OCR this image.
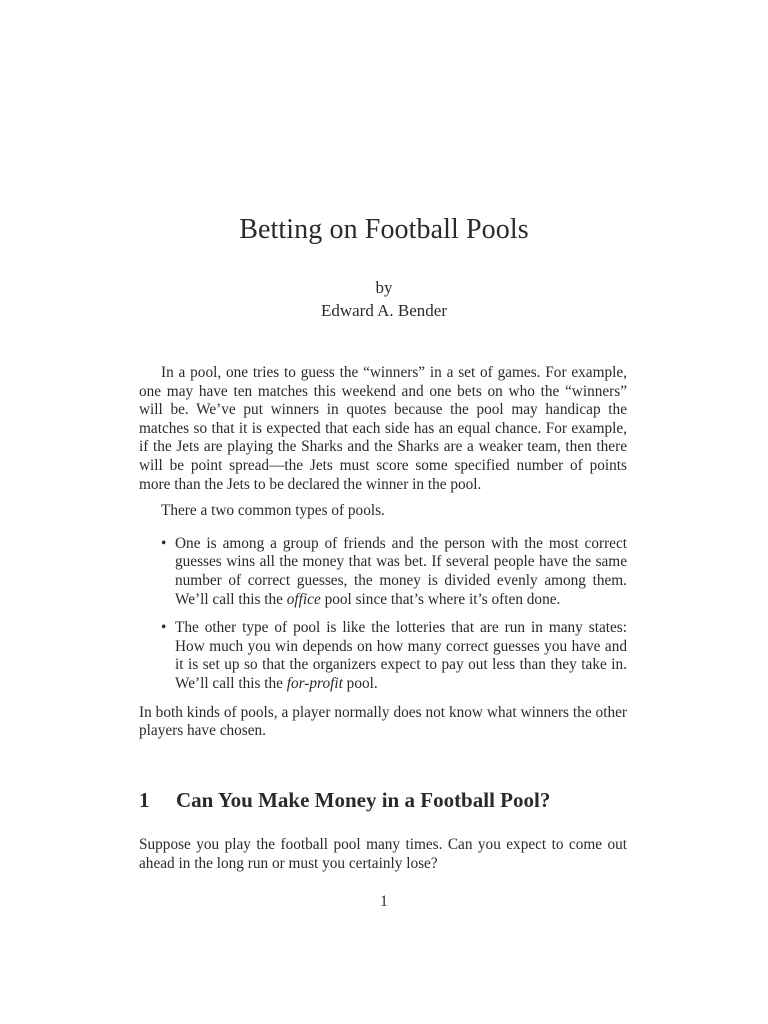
Betting on Football Pools
by
Edward A. Bender

In a pool, one tries to guess the “winners” in a set of games. For example, one may have ten matches this weekend and one bets on who the “winners” will be. We’ve put winners in quotes because the pool may handicap the matches so that it is expected that each side has an equal chance. For example, if the Jets are playing the Sharks and the Sharks are a weaker team, then there will be point spread—the Jets must score some specified number of points more than the Jets to be declared the winner in the pool.

There a two common types of pools.

• One is among a group of friends and the person with the most correct guesses wins all the money that was bet. If several people have the same number of correct guesses, the money is divided evenly among them. We’ll call this the office pool since that’s where it’s often done.
• The other type of pool is like the lotteries that are run in many states: How much you win depends on how many correct guesses you have and it is set up so that the organizers expect to pay out less than they take in. We’ll call this the for-profit pool.

In both kinds of pools, a player normally does not know what winners the other players have chosen.

1 Can You Make Money in a Football Pool?

Suppose you play the football pool many times. Can you expect to come out ahead in the long run or must you certainly lose?

1
